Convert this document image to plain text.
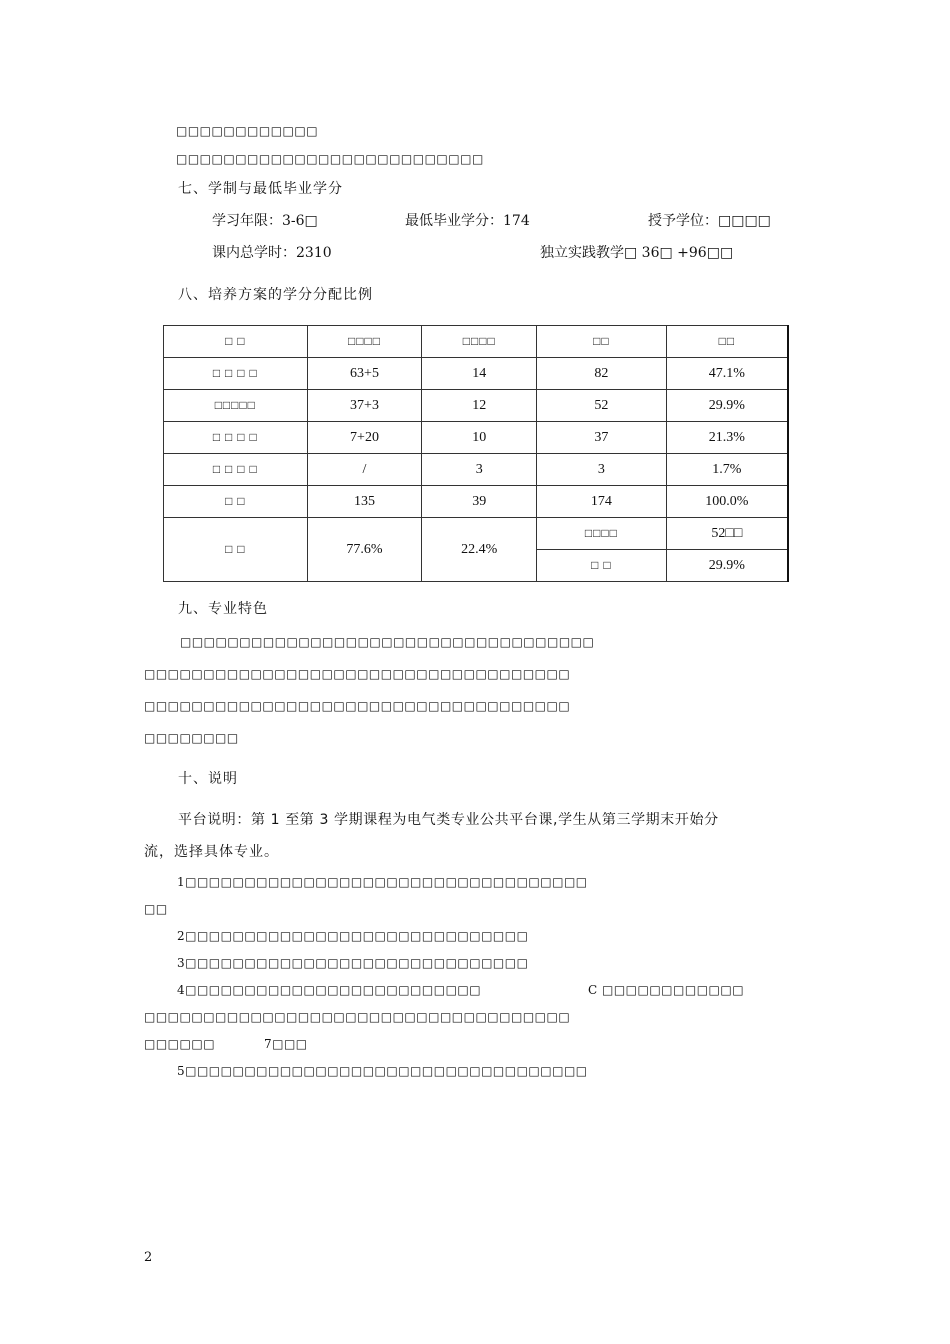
□□□□□□□□□□□□
□□□□□□□□□□□□□□□□□□□□□□□□□□
七、学制与最低毕业学分
学习年限：3-6□	最低毕业学分：174	授予学位：□□□□
课内总学时：2310	独立实践教学□ 36□ +96□□
八、培养方案的学分分配比例
□ □	□□□□	□□□□	□□	□□
□ □ □ □	63+5	14	82	47.1%
□□□□□	37+3	12	52	29.9%
□ □ □ □	7+20	10	37	21.3%
□ □ □ □	/	3	3	1.7%
□ □	135	39	174	100.0%
□ □	77.6%	22.4%	□□□□	52□□
			□ □	29.9%
九、专业特色
□□□□□□□□□□□□□□□□□□□□□□□□□□□□□□□□□□□
□□□□□□□□□□□□□□□□□□□□□□□□□□□□□□□□□□□□
□□□□□□□□□□□□□□□□□□□□□□□□□□□□□□□□□□□□
□□□□□□□□
十、说明
平台说明：第 1 至第 3 学期课程为电气类专业公共平台课,学生从第三学期末开始分
流，选择具体专业。
1□□□□□□□□□□□□□□□□□□□□□□□□□□□□□□□□□□
□□
2□□□□□□□□□□□□□□□□□□□□□□□□□□□□□
3□□□□□□□□□□□□□□□□□□□□□□□□□□□□□
4□□□□□□□□□□□□□□□□□□□□□□□□□	C □□□□□□□□□□□□
□□□□□□□□□□□□□□□□□□□□□□□□□□□□□□□□□□□□
□□□□□□	7□□□
5□□□□□□□□□□□□□□□□□□□□□□□□□□□□□□□□□□
2
